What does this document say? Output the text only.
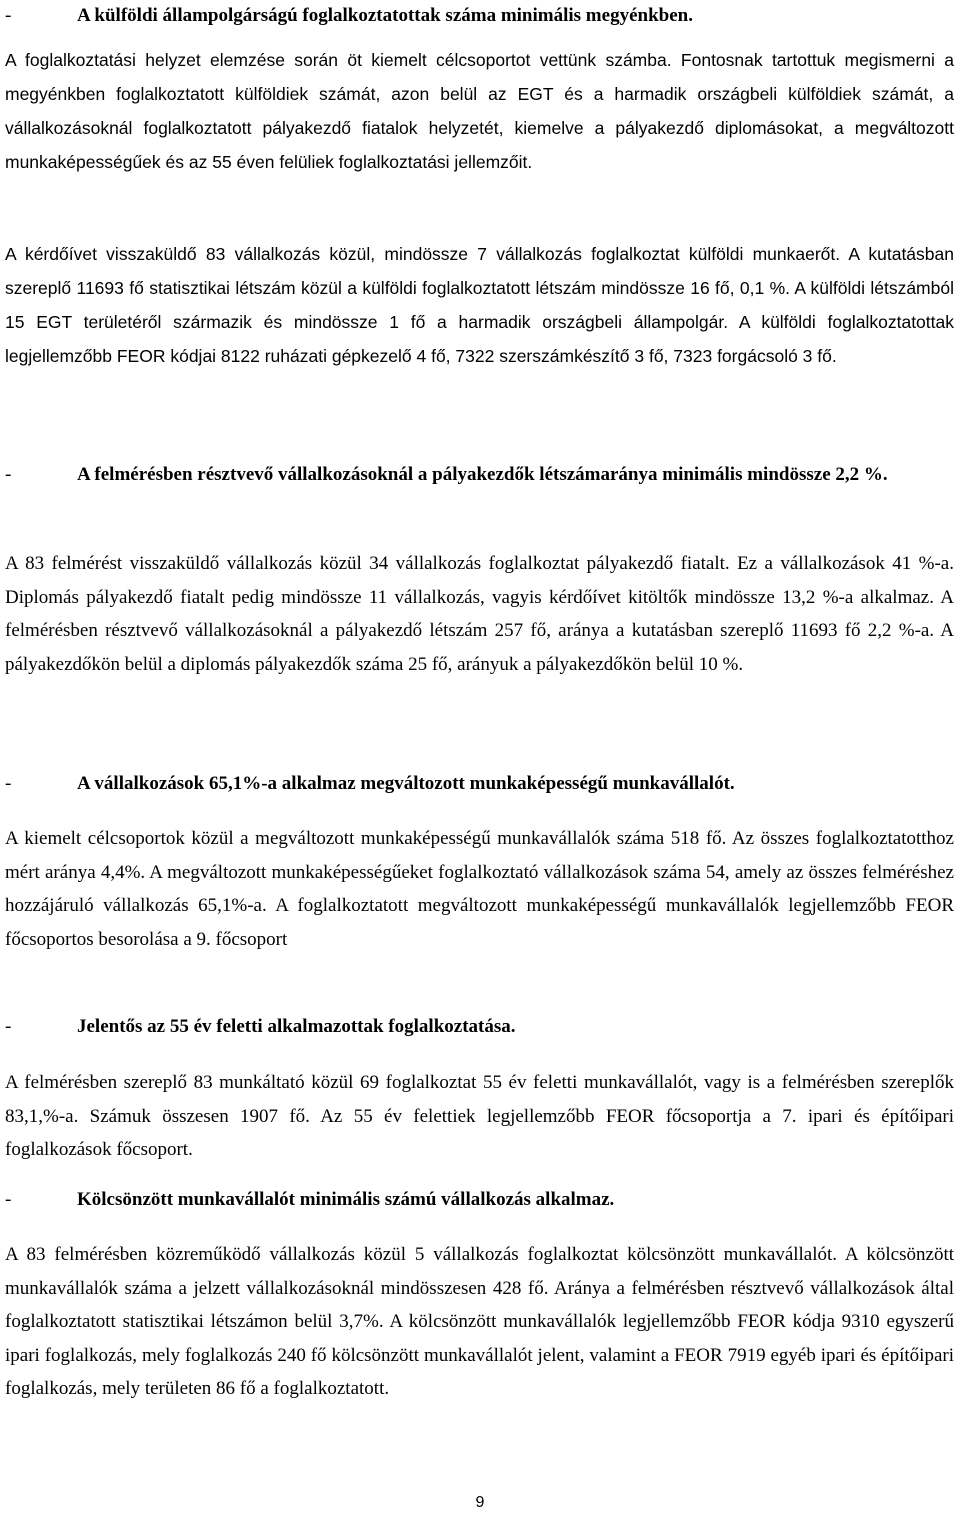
-	A külföldi állampolgárságú foglalkoztatottak száma minimális megyénkben.

A foglalkoztatási helyzet elemzése során öt kiemelt célcsoportot vettünk számba. Fontosnak tartottuk megismerni a megyénkben foglalkoztatott külföldiek számát, azon belül az EGT és a harmadik országbeli külföldiek számát, a vállalkozásoknál foglalkoztatott pályakezdő fiatalok helyzetét, kiemelve a pályakezdő diplomásokat, a megváltozott munkaképességűek és az 55 éven felüliek foglalkoztatási jellemzőit.

A kérdőívet visszaküldő 83 vállalkozás közül, mindössze 7 vállalkozás foglalkoztat külföldi munkaerőt. A kutatásban szereplő 11693 fő statisztikai létszám közül a külföldi foglalkoztatott létszám mindössze 16 fő, 0,1 %. A külföldi létszámból 15 EGT területéről származik és mindössze 1 fő a harmadik országbeli állampolgár. A külföldi foglalkoztatottak legjellemzőbb FEOR kódjai 8122 ruházati gépkezelő 4 fő, 7322 szerszámkészítő 3 fő, 7323 forgácsoló 3 fő.

-	A felmérésben résztvevő vállalkozásoknál a pályakezdők létszámaránya minimális mindössze 2,2 %.

A 83 felmérést visszaküldő vállalkozás közül 34 vállalkozás foglalkoztat pályakezdő fiatalt. Ez a vállalkozások 41 %-a. Diplomás pályakezdő fiatalt pedig mindössze 11 vállalkozás, vagyis kérdőívet kitöltők mindössze 13,2 %-a alkalmaz. A felmérésben résztvevő vállalkozásoknál a pályakezdő létszám 257 fő, aránya a kutatásban szereplő 11693 fő 2,2 %-a. A pályakezdőkön belül a diplomás pályakezdők száma 25 fő, arányuk a pályakezdőkön belül 10 %.

-	A vállalkozások 65,1%-a alkalmaz megváltozott munkaképességű munkavállalót.

A kiemelt célcsoportok közül a megváltozott munkaképességű munkavállalók száma 518 fő. Az összes foglalkoztatotthoz mért aránya 4,4%. A megváltozott munkaképességűeket foglalkoztató vállalkozások száma 54, amely az összes felméréshez hozzájáruló vállalkozás 65,1%-a. A foglalkoztatott megváltozott munkaképességű munkavállalók legjellemzőbb FEOR főcsoportos besorolása a 9. főcsoport

-	Jelentős az 55 év feletti alkalmazottak foglalkoztatása.

A felmérésben szereplő 83 munkáltató közül 69 foglalkoztat 55 év feletti munkavállalót, vagy is a felmérésben szereplők 83,1,%-a. Számuk összesen 1907 fő. Az 55 év felettiek legjellemzőbb FEOR főcsoportja a 7. ipari és építőipari foglalkozások főcsoport.

-	Kölcsönzött munkavállalót minimális számú vállalkozás alkalmaz.

A 83 felmérésben közreműködő vállalkozás közül 5 vállalkozás foglalkoztat kölcsönzött munkavállalót. A kölcsönzött munkavállalók száma a jelzett vállalkozásoknál mindösszesen 428 fő. Aránya a felmérésben résztvevő vállalkozások által foglalkoztatott statisztikai létszámon belül 3,7%. A kölcsönzött munkavállalók legjellemzőbb FEOR kódja 9310 egyszerű ipari foglalkozás, mely foglalkozás 240 fő kölcsönzött munkavállalót jelent, valamint a FEOR 7919 egyéb ipari és építőipari foglalkozás, mely területen 86 fő a foglalkoztatott.

9
